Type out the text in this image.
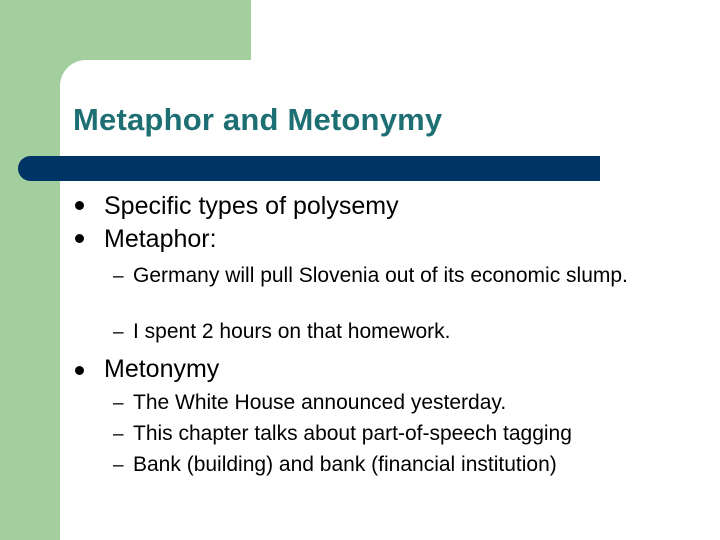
Metaphor and Metonymy
Specific types of polysemy
Metaphor:
– Germany will pull Slovenia out of its economic slump.
– I spent 2 hours on that homework.
Metonymy
– The White House announced yesterday.
– This chapter talks about part-of-speech tagging
– Bank (building) and bank (financial institution)
